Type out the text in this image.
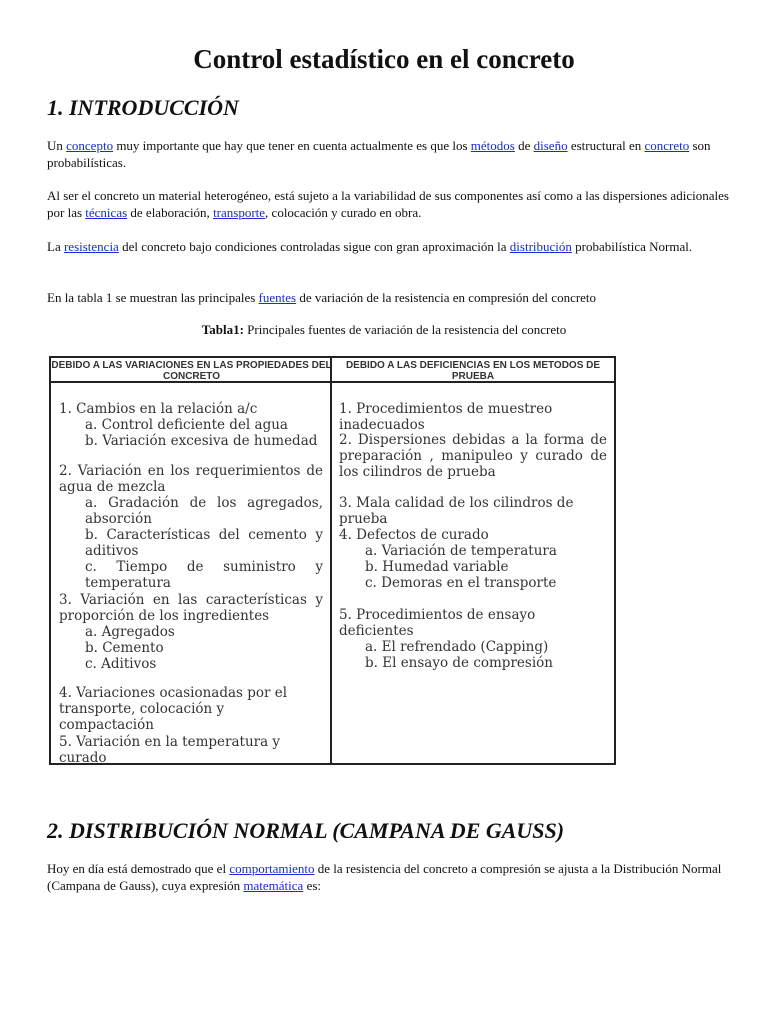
Control estadístico en el concreto
1. INTRODUCCIÓN

Un concepto muy importante que hay que tener en cuenta actualmente es que los métodos de diseño estructural en concreto son probabilísticas.

Al ser el concreto un material heterogéneo, está sujeto a la variabilidad de sus componentes así como a las dispersiones adicionales por las técnicas de elaboración, transporte, colocación y curado en obra.

La resistencia del concreto bajo condiciones controladas sigue con gran aproximación la distribución probabilística Normal.

En la tabla 1 se muestran las principales fuentes de variación de la resistencia en compresión del concreto

Tabla1: Principales fuentes de variación de la resistencia del concreto
DEBIDO A LAS VARIACIONES EN LAS PROPIEDADES DEL CONCRETO
DEBIDO A LAS DEFICIENCIAS EN LOS METODOS DE PRUEBA
1. Cambios en la relación a/c
a. Control deficiente del agua
b. Variación excesiva de humedad
2. Variación en los requerimientos de agua de mezcla
a. Gradación de los agregados, absorción
b. Características del cemento y aditivos
c. Tiempo de suministro y temperatura
3. Variación en las características y proporción de los ingredientes
a. Agregados
b. Cemento
c. Aditivos
4. Variaciones ocasionadas por el transporte, colocación y compactación
5. Variación en la temperatura y curado
1. Procedimientos de muestreo inadecuados
2. Dispersiones debidas a la forma de preparación , manipuleo y curado de los cilindros de prueba
3. Mala calidad de los cilindros de prueba
4. Defectos de curado
a. Variación de temperatura
b. Humedad variable
c. Demoras en el transporte
5. Procedimientos de ensayo deficientes
a. El refrendado (Capping)
b. El ensayo de compresión
2. DISTRIBUCIÓN NORMAL (CAMPANA DE GAUSS)

Hoy en día está demostrado que el comportamiento de la resistencia del concreto a compresión se ajusta a la Distribución Normal (Campana de Gauss), cuya expresión matemática es:
